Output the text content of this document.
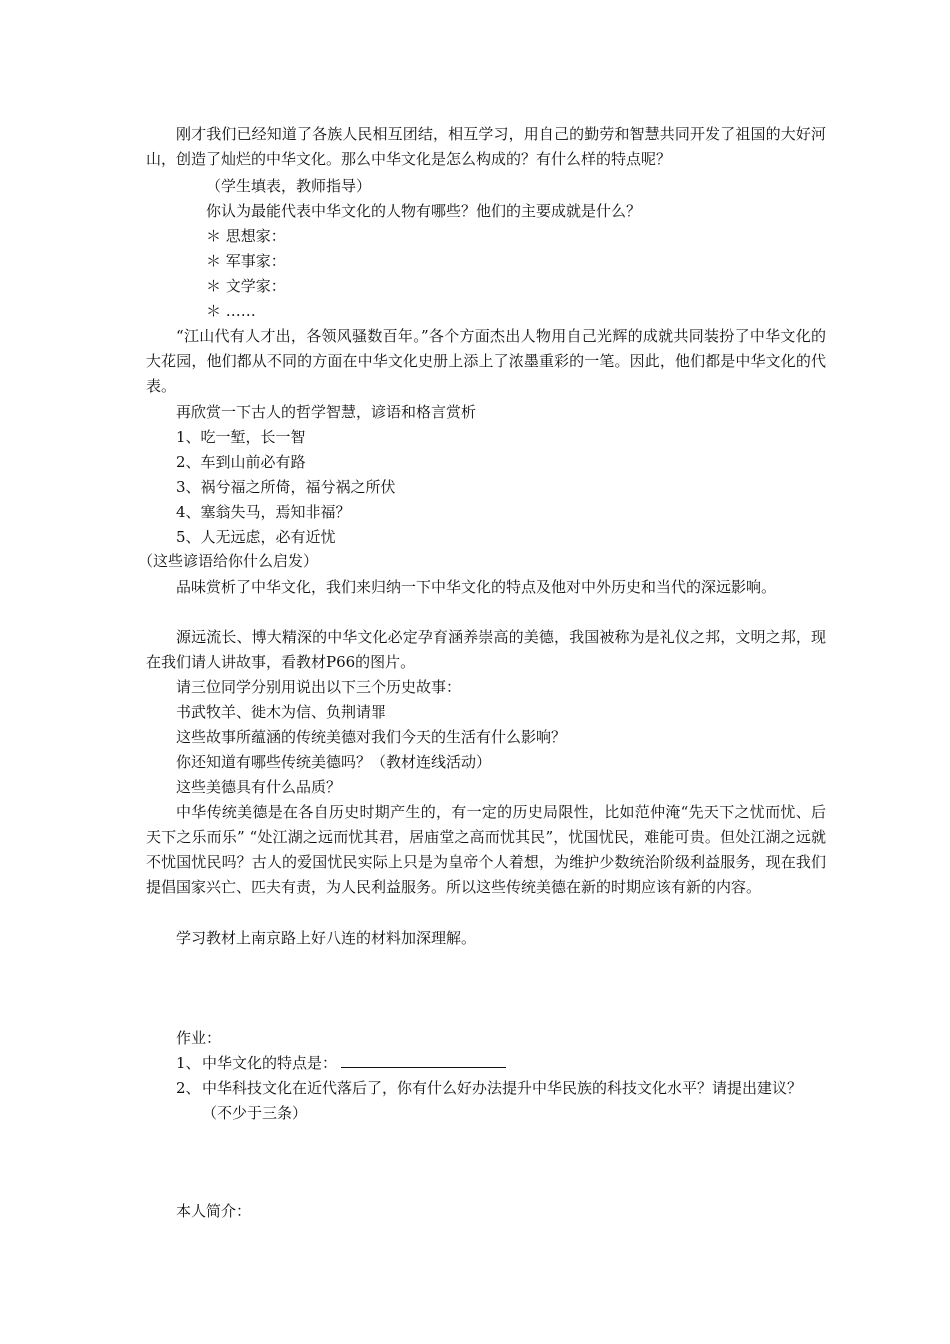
刚才我们已经知道了各族人民相互团结，相互学习，用自己的勤劳和智慧共同开发了祖国的大好河山，创造了灿烂的中华文化。那么中华文化是怎么构成的？有什么样的特点呢？

（学生填表，教师指导）
你认为最能代表中华文化的人物有哪些？他们的主要成就是什么？
＊ 思想家：
＊ 军事家：
＊ 文学家：
＊ ……

“江山代有人才出，各领风骚数百年。”各个方面杰出人物用自己光辉的成就共同装扮了中华文化的大花园，他们都从不同的方面在中华文化史册上添上了浓墨重彩的一笔。因此，他们都是中华文化的代表。

再欣赏一下古人的哲学智慧，谚语和格言赏析
1、吃一堑，长一智
2、车到山前必有路
3、祸兮福之所倚，福兮祸之所伏
4、塞翁失马，焉知非福？
5、人无远虑，必有近忧
（这些谚语给你什么启发）

品味赏析了中华文化，我们来归纳一下中华文化的特点及他对中外历史和当代的深远影响。

源远流长、博大精深的中华文化必定孕育涵养崇高的美德，我国被称为是礼仪之邦，文明之邦，现在我们请人讲故事，看教材P66的图片。

请三位同学分别用说出以下三个历史故事：
书武牧羊、徙木为信、负荆请罪
这些故事所蕴涵的传统美德对我们今天的生活有什么影响？
你还知道有哪些传统美德吗？（教材连线活动）
这些美德具有什么品质？

中华传统美德是在各自历史时期产生的，有一定的历史局限性，比如范仲淹“先天下之忧而忧、后天下之乐而乐” “处江湖之远而忧其君，居庙堂之高而忧其民”，忧国忧民，难能可贵。但处江湖之远就不忧国忧民吗？古人的爱国忧民实际上只是为皇帝个人着想，为维护少数统治阶级利益服务，现在我们提倡国家兴亡、匹夫有责，为人民利益服务。所以这些传统美德在新的时期应该有新的内容。

学习教材上南京路上好八连的材料加深理解。
作业：
1、 中华文化的特点是：
2、 中华科技文化在近代落后了，你有什么好办法提升中华民族的科技文化水平？请提出建议？（不少于三条）
本人简介：
